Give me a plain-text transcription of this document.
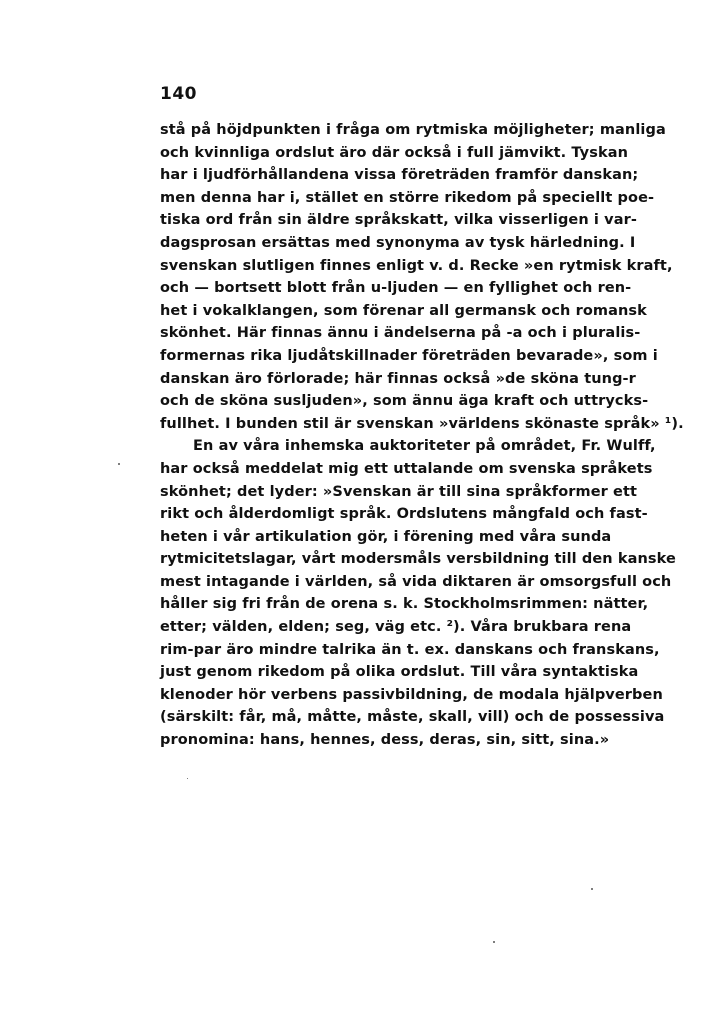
140
stå på höjdpunkten i fråga om rytmiska möjligheter; manliga
och kvinnliga ordslut äro där också i full jämvikt. Tyskan
har i ljudförhållandena vissa företräden framför danskan;
men denna har i, stället en större rikedom på speciellt poe-
tiska ord från sin äldre språkskatt, vilka visserligen i var-
dagsprosan ersättas med synonyma av tysk härledning. I
svenskan slutligen finnes enligt v. d. Recke »en rytmisk kraft,
och — bortsett blott från u-ljuden — en fyllighet och ren-
het i vokalklangen, som förenar all germansk och romansk
skönhet. Här finnas ännu i ändelserna på -a och i pluralis-
formernas rika ljudåtskillnader företräden bevarade», som i
danskan äro förlorade; här finnas också »de sköna tung-r
och de sköna susljuden», som ännu äga kraft och uttrycks-
fullhet. I bunden stil är svenskan »världens skönaste språk» ¹).
En av våra inhemska auktoriteter på området, Fr. Wulff,
har också meddelat mig ett uttalande om svenska språkets
skönhet; det lyder: »Svenskan är till sina språkformer ett
rikt och ålderdomligt språk. Ordslutens mångfald och fast-
heten i vår artikulation gör, i förening med våra sunda
rytmicitetslagar, vårt modersmåls versbildning till den kanske
mest intagande i världen, så vida diktaren är omsorgsfull och
håller sig fri från de orena s. k. Stockholmsrimmen: nätter,
etter; välden, elden; seg, väg etc. ²). Våra brukbara rena
rim-par äro mindre talrika än t. ex. danskans och franskans,
just genom rikedom på olika ordslut. Till våra syntaktiska
klenoder hör verbens passivbildning, de modala hjälpverben
(särskilt: får, må, måtte, måste, skall, vill) och de possessiva
pronomina: hans, hennes, dess, deras, sin, sitt, sina.»
